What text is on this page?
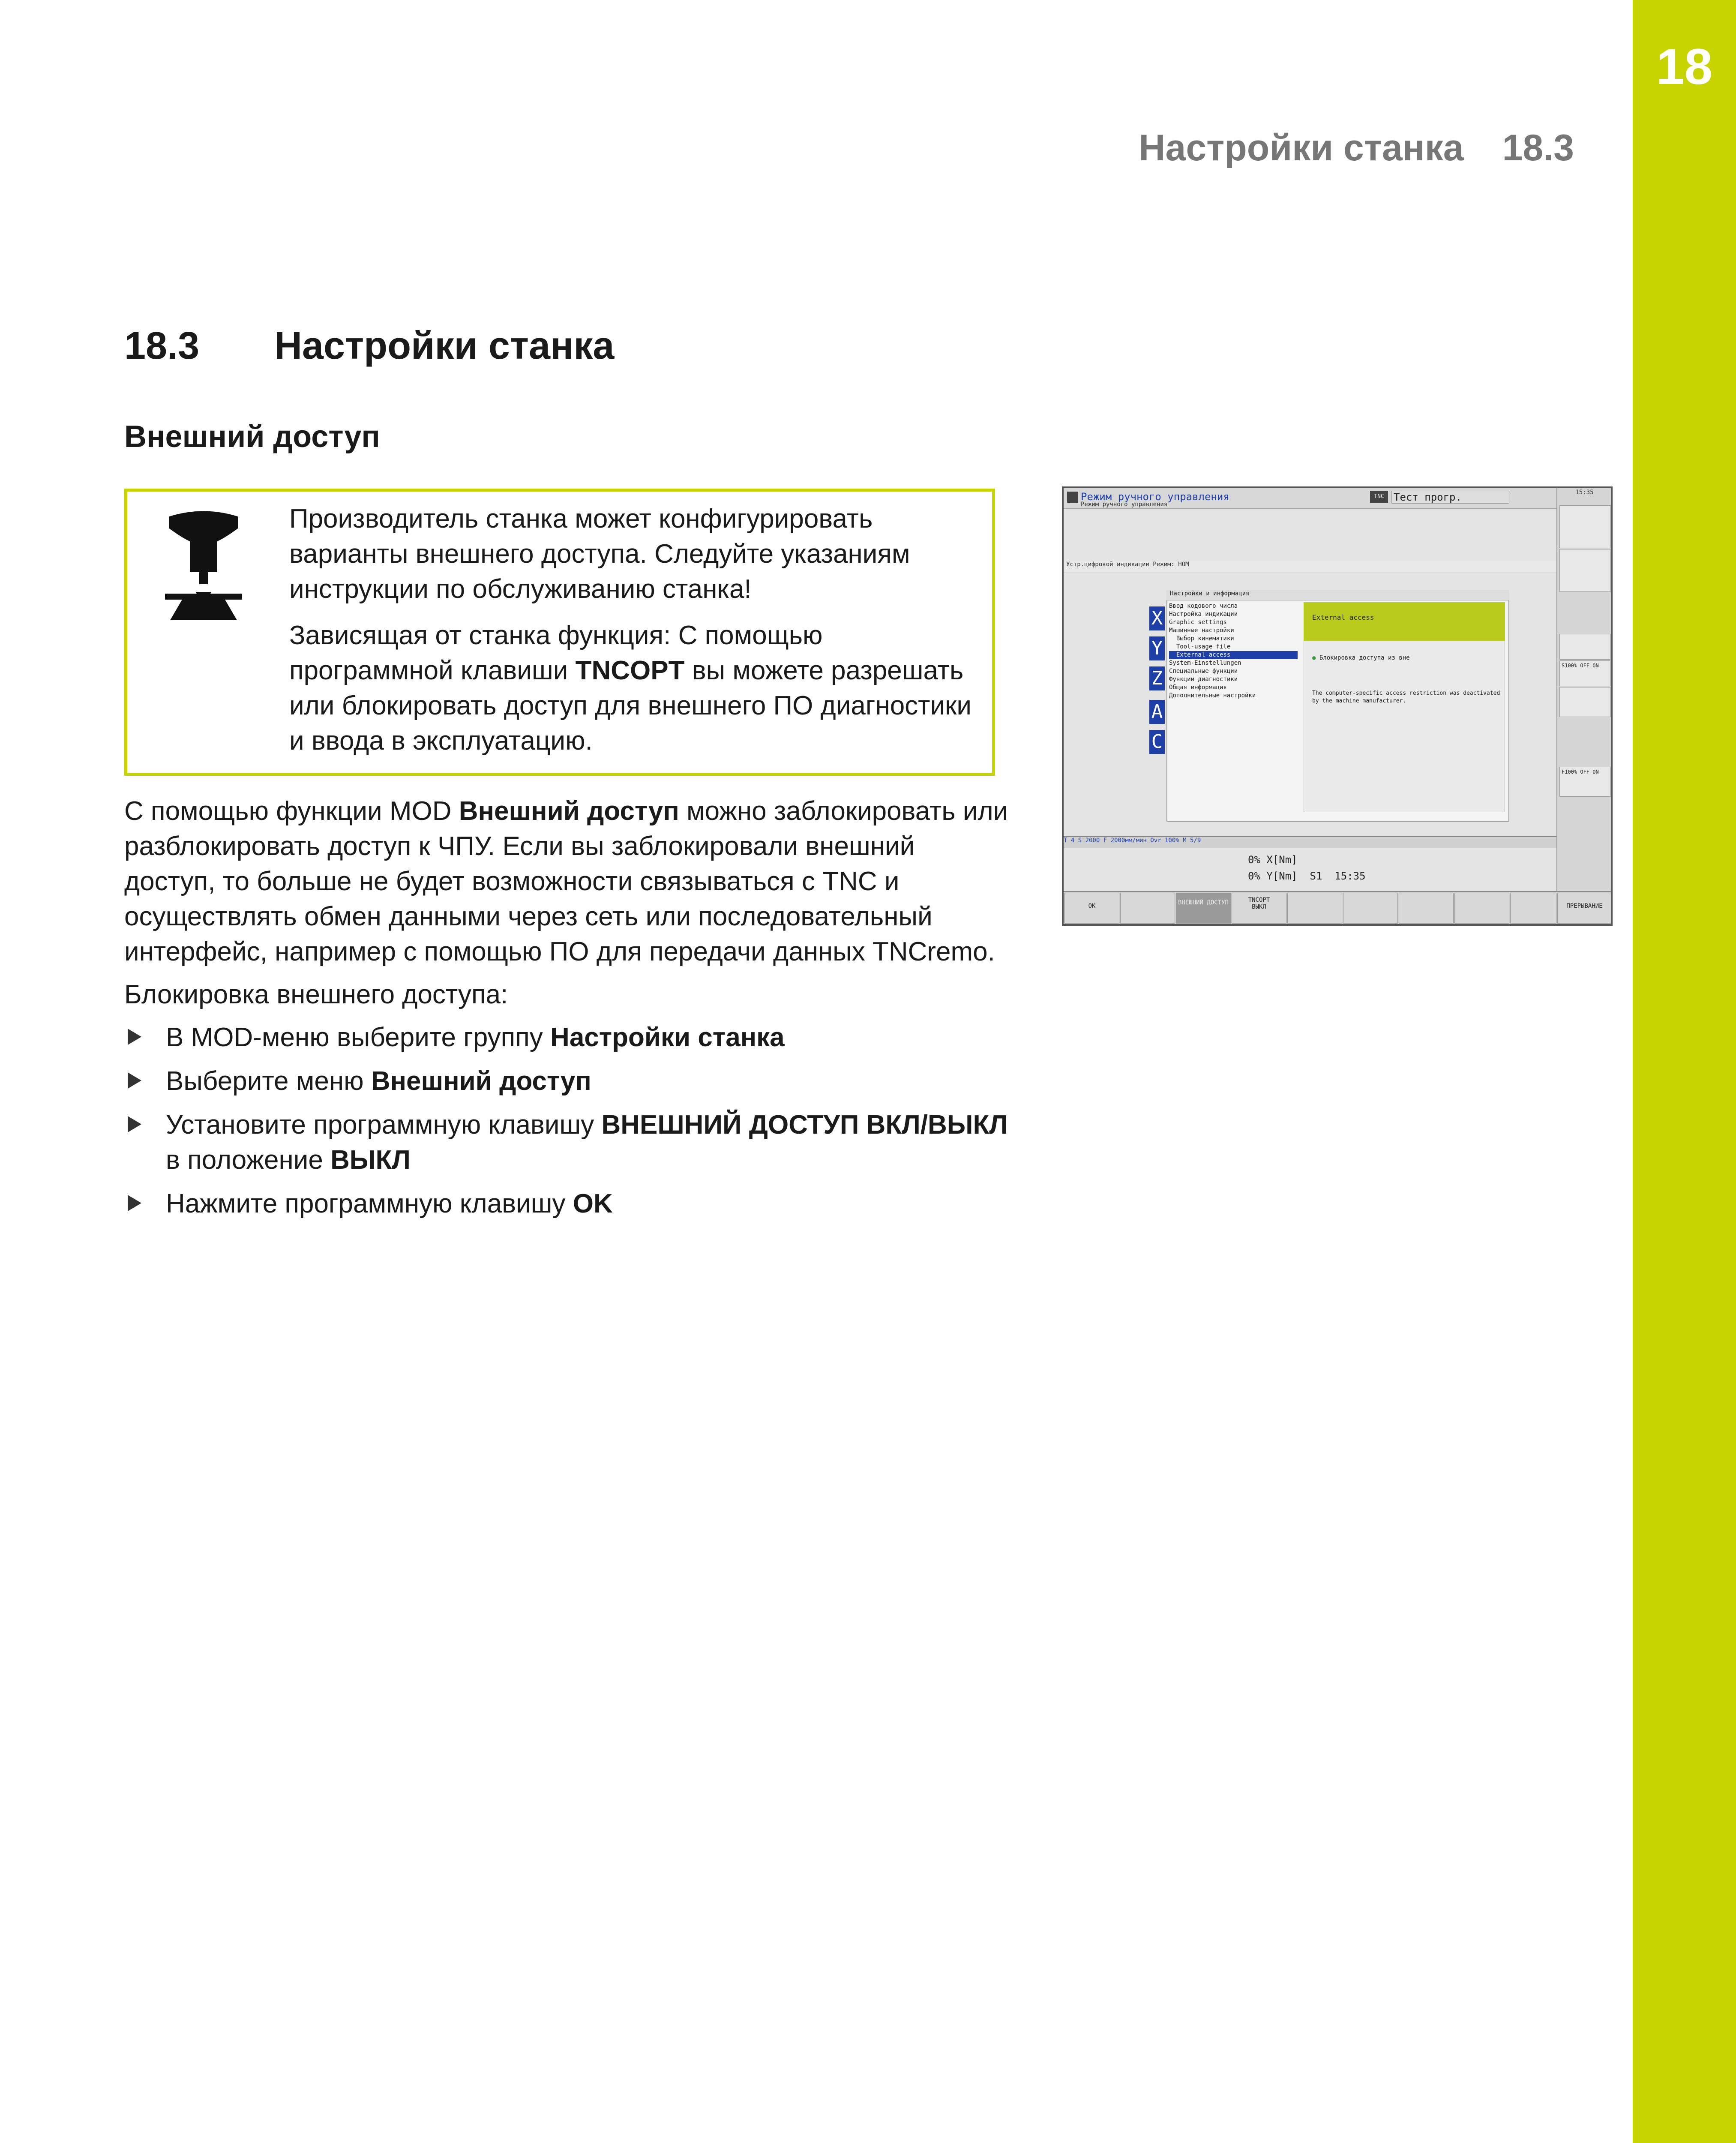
18
Настройки станка 18.3
18.3 Настройки станка
Внешний доступ

Производитель станка может конфигурировать варианты внешнего доступа. Следуйте указаниям инструкции по обслуживанию станка!

Зависящая от станка функция: С помощью программной клавиши TNCOPT вы можете разрешать или блокировать доступ для внешнего ПО диагностики и ввода в эксплуатацию.

С помощью функции MOD Внешний доступ можно заблокировать или разблокировать доступ к ЧПУ. Если вы заблокировали внешний доступ, то больше не будет возможности связываться с TNC и осуществлять обмен данными через сеть или последовательный интерфейс, например с помощью ПО для передачи данных TNCremo.

Блокировка внешнего доступа:

В MOD-меню выберите группу Настройки станка
Выберите меню Внешний доступ
Установите программную клавишу ВНЕШНИЙ ДОСТУП ВКЛ/ВЫКЛ в положение ВЫКЛ
Нажмите программную клавишу OK
Режим ручного управления
Режим ручного управления
TNC Тест прогр.	15:35
S100% OFF ON
F100% OFF ON
Устр.цифровой индикации Режим: НОМ
X
Y
Z
A
C
Настройки и информация
Ввод кодового числа
Настройка индикации
Graphic settings
Машинные настройки
Выбор кинематики
Tool-usage file
External access
System-Einstellungen
Специальные функции
Функции диагностики
Общая информация
Дополнительные настройки
External access
● Блокировка доступа из вне
The computer-specific access restriction was deactivated by the machine manufacturer.
T 4 S 2000 F 2000мм/мин Ovr 100% M 5/9
0% X[Nm]
0% Y[Nm]  S1  15:35
OK	ВНЕШНИЙ ДОСТУП	TNCOPT
ВЫКЛ	ПРЕРЫВАНИЕ
